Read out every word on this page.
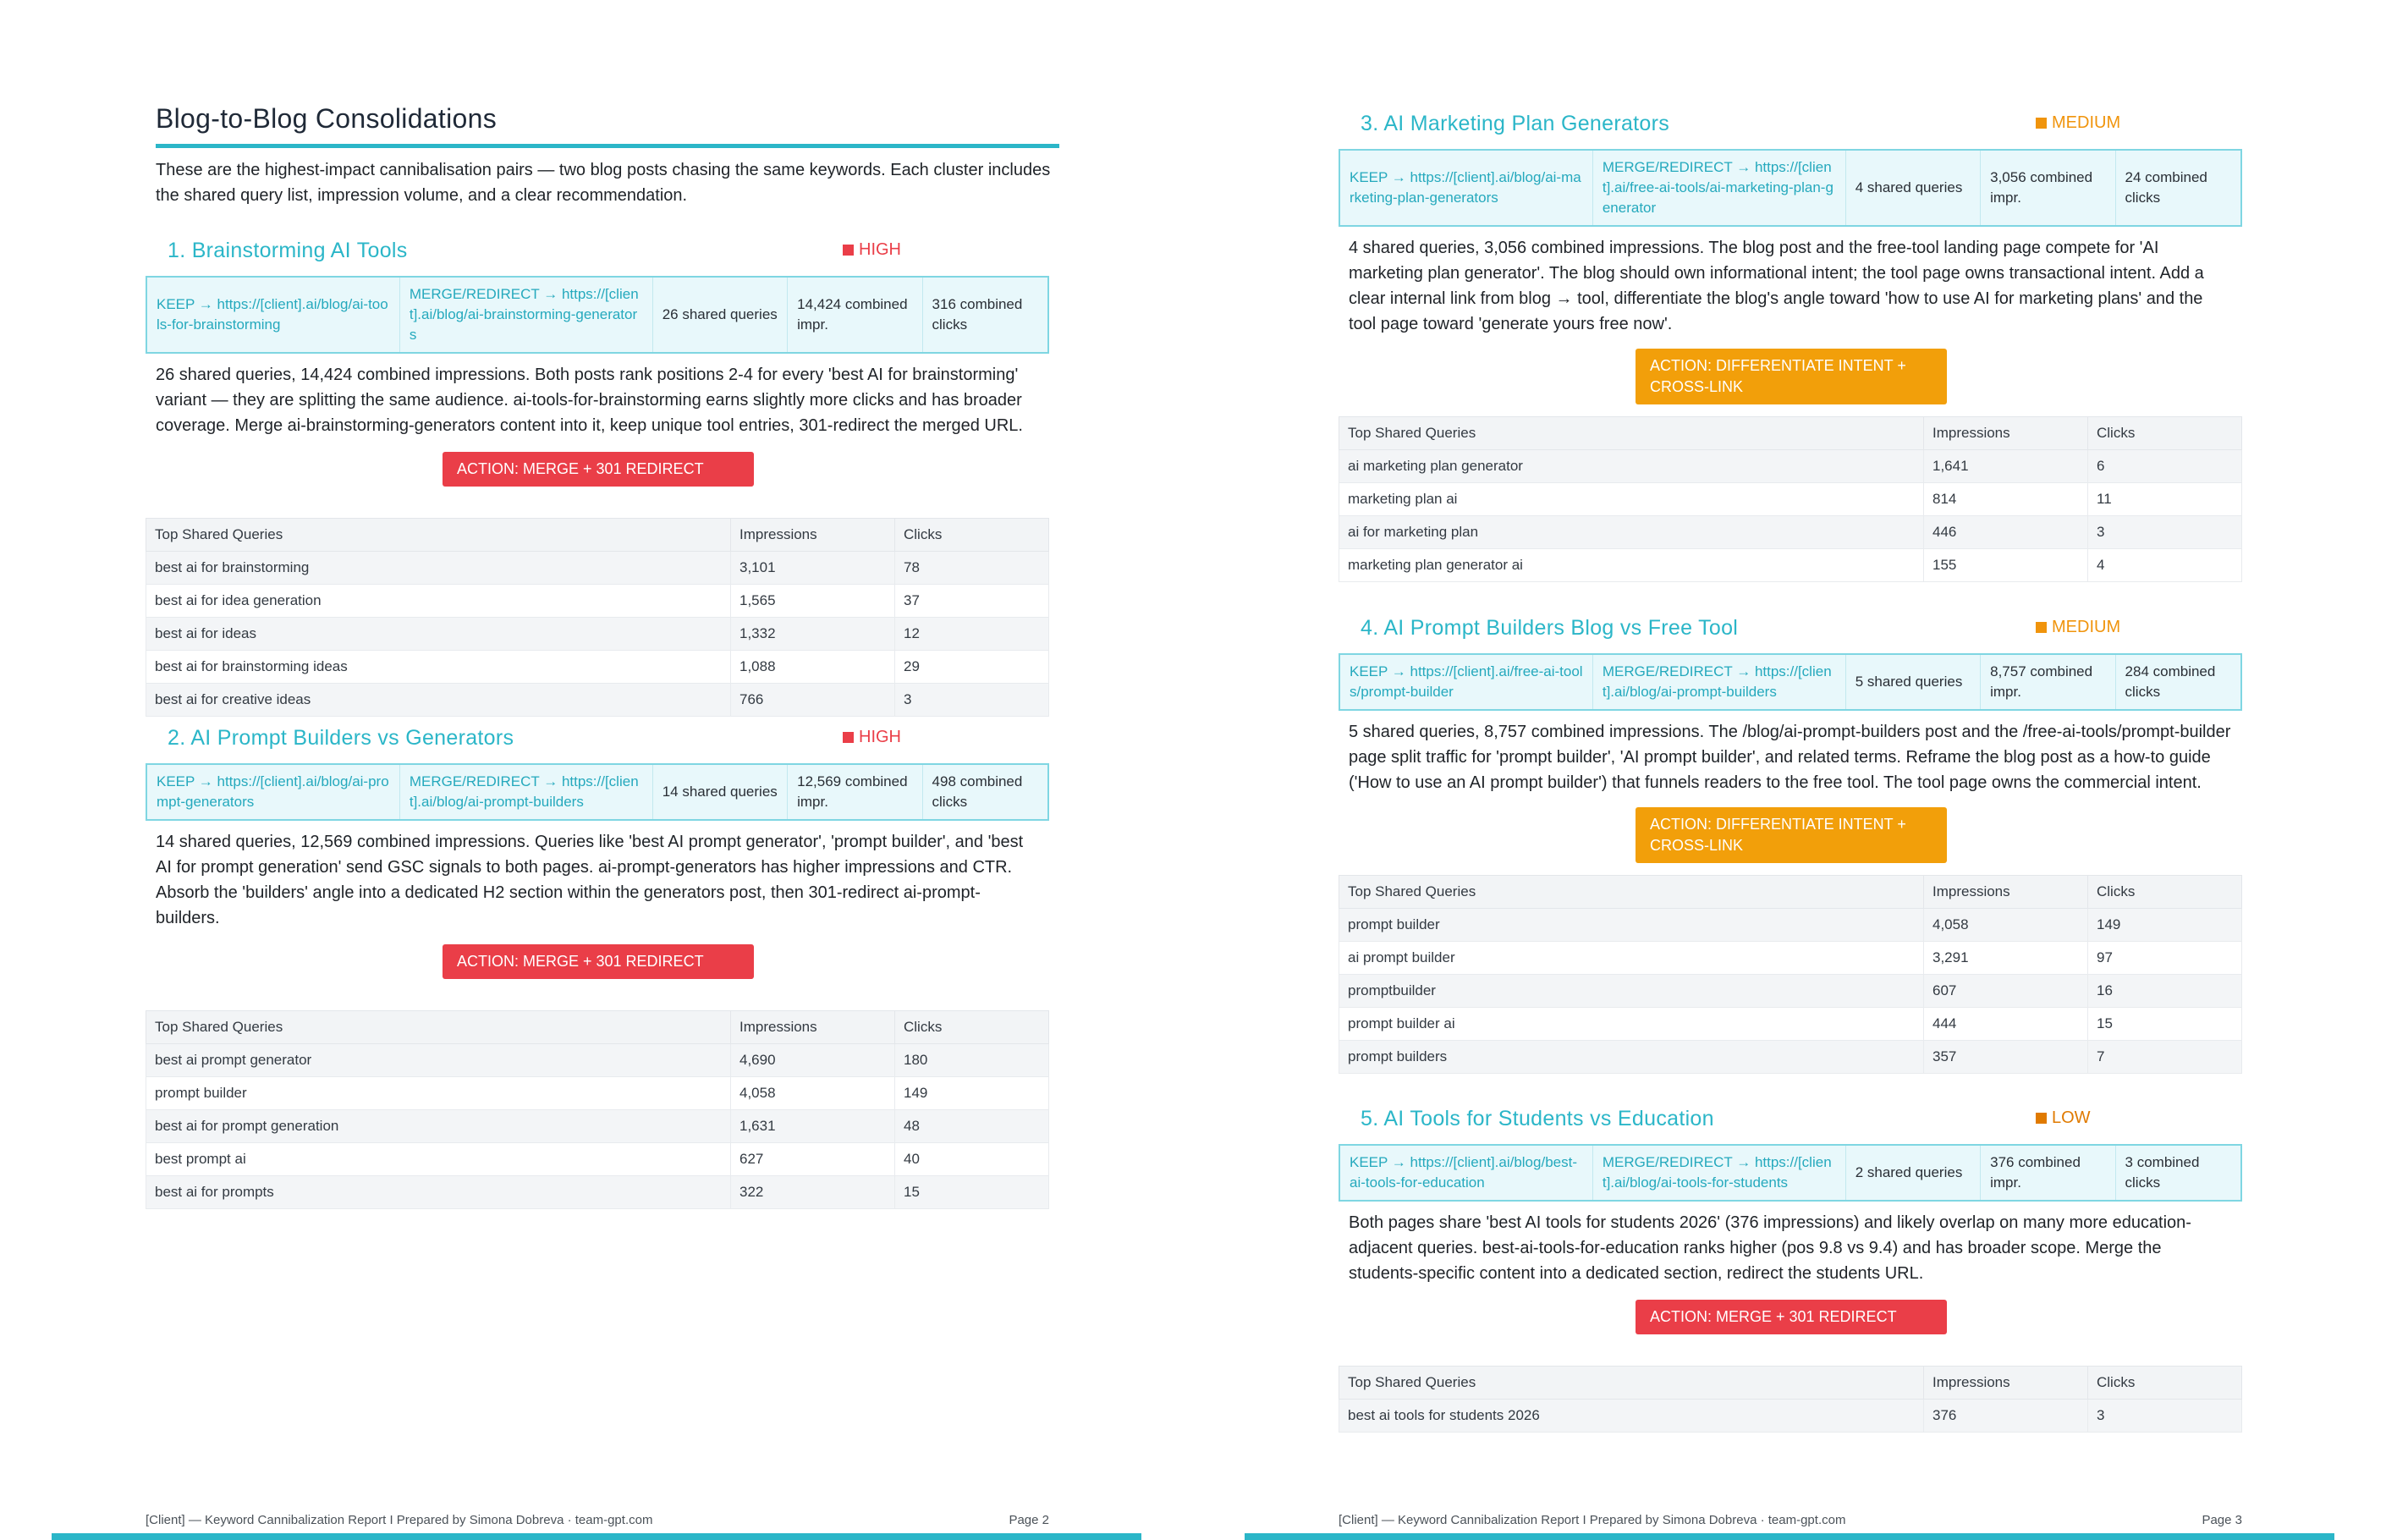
Blog-to-Blog Consolidations
These are the highest-impact cannibalisation pairs — two blog posts chasing the same keywords. Each cluster includes the shared query list, impression volume, and a clear recommendation.
1. Brainstorming AI Tools	HIGH
KEEP → https://[client].ai/blog/ai-tools-for-brainstorming
MERGE/REDIRECT → https://[client].ai/blog/ai-brainstorming-generators
26 shared queries
14,424 combined impr.
316 combined clicks
26 shared queries, 14,424 combined impressions. Both posts rank positions 2-4 for every 'best AI for brainstorming' variant — they are splitting the same audience. ai-tools-for-brainstorming earns slightly more clicks and has broader coverage. Merge ai-brainstorming-generators content into it, keep unique tool entries, 301-redirect the merged URL.
ACTION: MERGE + 301 REDIRECT
Top Shared Queries	Impressions	Clicks
best ai for brainstorming	3,101	78
best ai for idea generation	1,565	37
best ai for ideas	1,332	12
best ai for brainstorming ideas	1,088	29
best ai for creative ideas	766	3
2. AI Prompt Builders vs Generators	HIGH
KEEP → https://[client].ai/blog/ai-prompt-generators
MERGE/REDIRECT → https://[client].ai/blog/ai-prompt-builders
14 shared queries
12,569 combined impr.
498 combined clicks
14 shared queries, 12,569 combined impressions. Queries like 'best AI prompt generator', 'prompt builder', and 'best AI for prompt generation' send GSC signals to both pages. ai-prompt-generators has higher impressions and CTR. Absorb the 'builders' angle into a dedicated H2 section within the generators post, then 301-redirect ai-prompt-builders.
ACTION: MERGE + 301 REDIRECT
Top Shared Queries	Impressions	Clicks
best ai prompt generator	4,690	180
prompt builder	4,058	149
best ai for prompt generation	1,631	48
best prompt ai	627	40
best ai for prompts	322	15
[Client] — Keyword Cannibalization Report I Prepared by Simona Dobreva · team-gpt.com	Page 2
3. AI Marketing Plan Generators	MEDIUM
KEEP → https://[client].ai/blog/ai-marketing-plan-generators
MERGE/REDIRECT → https://[client].ai/free-ai-tools/ai-marketing-plan-generator
4 shared queries
3,056 combined impr.
24 combined clicks
4 shared queries, 3,056 combined impressions. The blog post and the free-tool landing page compete for 'AI marketing plan generator'. The blog should own informational intent; the tool page owns transactional intent. Add a clear internal link from blog → tool, differentiate the blog's angle toward 'how to use AI for marketing plans' and the tool page toward 'generate yours free now'.
ACTION: DIFFERENTIATE INTENT + CROSS-LINK
Top Shared Queries	Impressions	Clicks
ai marketing plan generator	1,641	6
marketing plan ai	814	11
ai for marketing plan	446	3
marketing plan generator ai	155	4
4. AI Prompt Builders Blog vs Free Tool	MEDIUM
KEEP → https://[client].ai/free-ai-tools/prompt-builder
MERGE/REDIRECT → https://[client].ai/blog/ai-prompt-builders
5 shared queries
8,757 combined impr.
284 combined clicks
5 shared queries, 8,757 combined impressions. The /blog/ai-prompt-builders post and the /free-ai-tools/prompt-builder page split traffic for 'prompt builder', 'AI prompt builder', and related terms. Reframe the blog post as a how-to guide ('How to use an AI prompt builder') that funnels readers to the free tool. The tool page owns the commercial intent.
ACTION: DIFFERENTIATE INTENT + CROSS-LINK
Top Shared Queries	Impressions	Clicks
prompt builder	4,058	149
ai prompt builder	3,291	97
promptbuilder	607	16
prompt builder ai	444	15
prompt builders	357	7
5. AI Tools for Students vs Education	LOW
KEEP → https://[client].ai/blog/best-ai-tools-for-education
MERGE/REDIRECT → https://[client].ai/blog/ai-tools-for-students
2 shared queries
376 combined impr.
3 combined clicks
Both pages share 'best AI tools for students 2026' (376 impressions) and likely overlap on many more education-adjacent queries. best-ai-tools-for-education ranks higher (pos 9.8 vs 9.4) and has broader scope. Merge the students-specific content into a dedicated section, redirect the students URL.
ACTION: MERGE + 301 REDIRECT
Top Shared Queries	Impressions	Clicks
best ai tools for students 2026	376	3
[Client] — Keyword Cannibalization Report I Prepared by Simona Dobreva · team-gpt.com	Page 3
